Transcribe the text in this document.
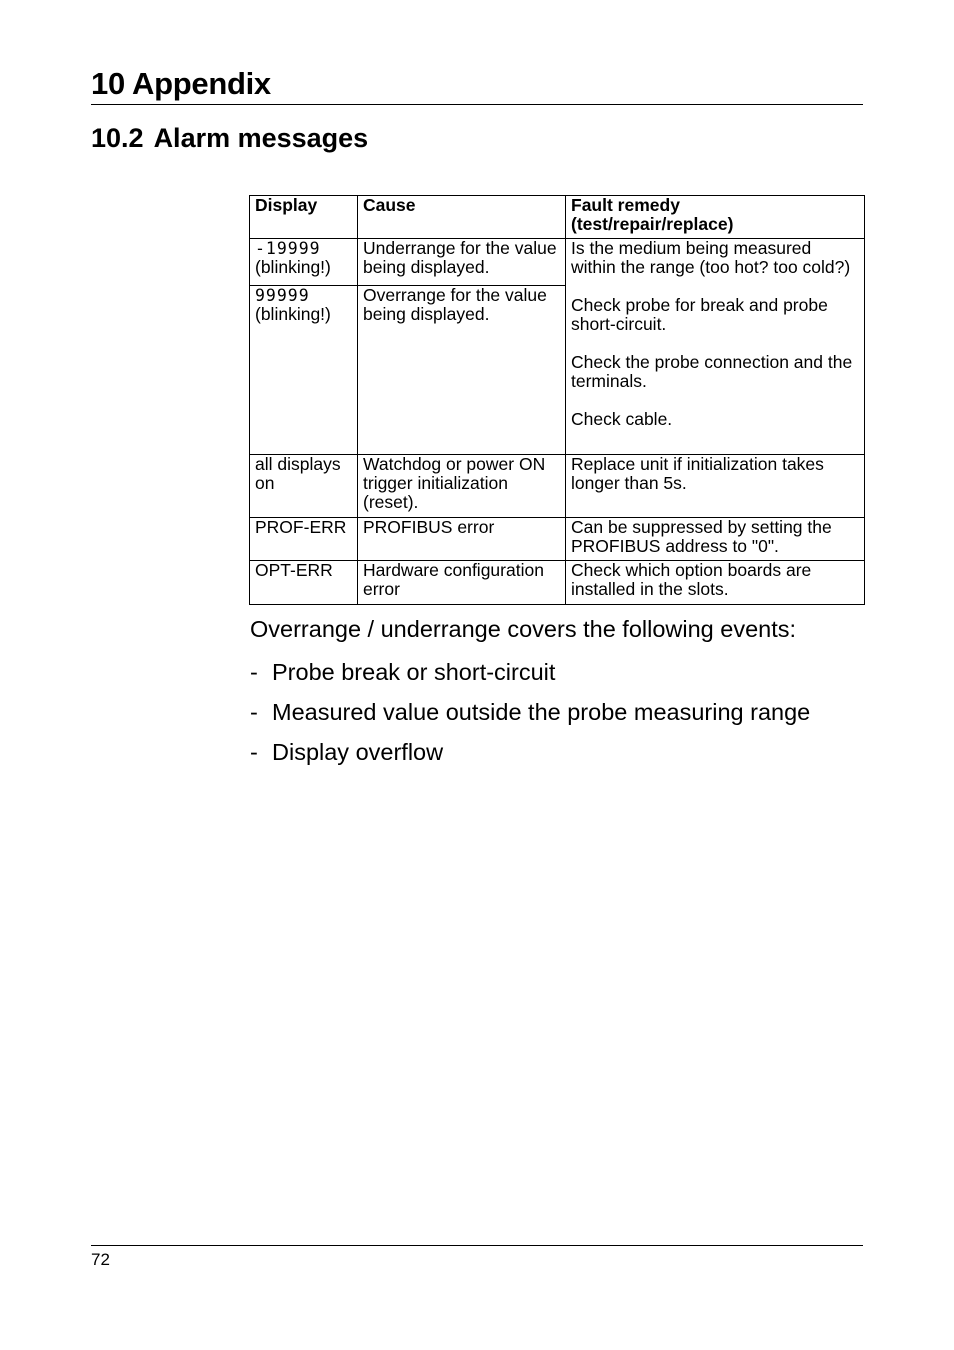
10 Appendix
10.2 Alarm messages
Display	Cause	Fault remedy
(test/repair/replace)
-19999
(blinking!)	Underrange for the value being displayed.	Is the medium being measured within the range (too hot? too cold?)
Check probe for break and probe short-circuit.
Check the probe connection and the terminals.
Check cable.

99999
(blinking!)	Overrange for the value being displayed.	
all displays on	Watchdog or power ON trigger initialization (reset).	Replace unit if initialization takes longer than 5s.
PROF-ERR	PROFIBUS error	Can be suppressed by setting the PROFIBUS address to "0".
OPT-ERR	Hardware configuration error	Check which option boards are installed in the slots.
Overrange / underrange covers the following events:
- Probe break or short-circuit
- Measured value outside the probe measuring range
- Display overflow
72
